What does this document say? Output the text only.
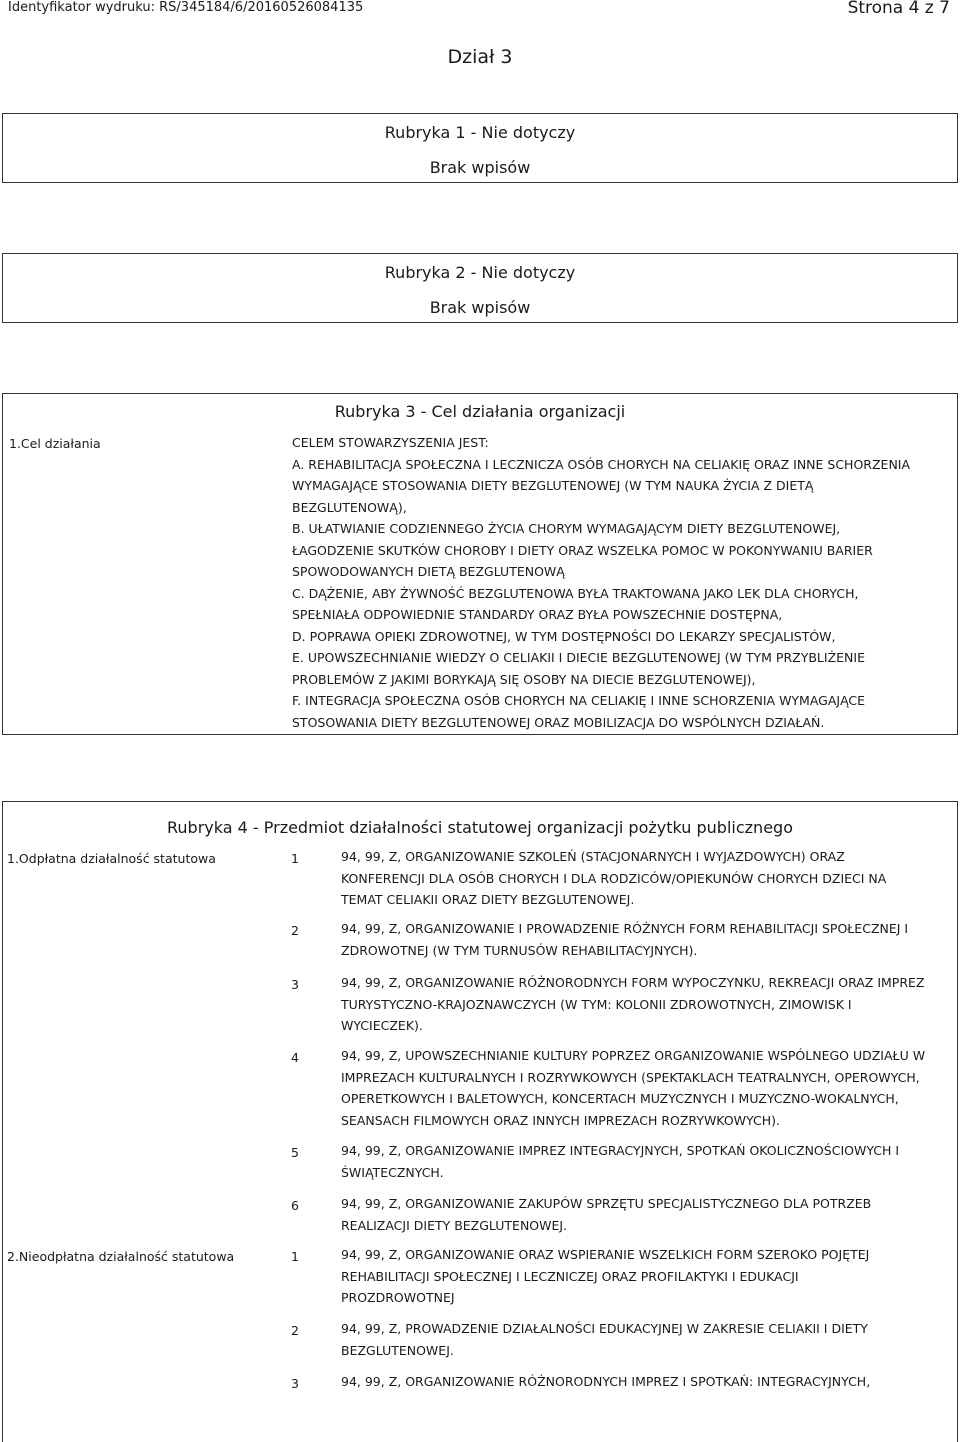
Identyfikator wydruku: RS/345184/6/20160526084135	Strona 4 z 7
Dział 3
Rubryka 1 - Nie dotyczy
Brak wpisów
Rubryka 2 - Nie dotyczy
Brak wpisów
Rubryka 3 - Cel działania organizacji
1.Cel działania	CELEM STOWARZYSZENIA JEST:
A. REHABILITACJA SPOŁECZNA I LECZNICZA OSÓB CHORYCH NA CELIAKIĘ ORAZ INNE SCHORZENIA
WYMAGAJĄCE STOSOWANIA DIETY BEZGLUTENOWEJ (W TYM NAUKA ŻYCIA Z DIETĄ
BEZGLUTENOWĄ),
B. UŁATWIANIE CODZIENNEGO ŻYCIA CHORYM WYMAGAJĄCYM DIETY BEZGLUTENOWEJ,
ŁAGODZENIE SKUTKÓW CHOROBY I DIETY ORAZ WSZELKA POMOC W POKONYWANIU BARIER
SPOWODOWANYCH DIETĄ BEZGLUTENOWĄ
C. DĄŻENIE, ABY ŻYWNOŚĆ BEZGLUTENOWA BYŁA TRAKTOWANA JAKO LEK DLA CHORYCH,
SPEŁNIAŁA ODPOWIEDNIE STANDARDY ORAZ BYŁA POWSZECHNIE DOSTĘPNA,
D. POPRAWA OPIEKI ZDROWOTNEJ, W TYM DOSTĘPNOŚCI DO LEKARZY SPECJALISTÓW,
E. UPOWSZECHNIANIE WIEDZY O CELIAKII I DIECIE BEZGLUTENOWEJ (W TYM PRZYBLIŻENIE
PROBLEMÓW Z JAKIMI BORYKAJĄ SIĘ OSOBY NA DIECIE BEZGLUTENOWEJ),
F. INTEGRACJA SPOŁECZNA OSÓB CHORYCH NA CELIAKIĘ I INNE SCHORZENIA WYMAGAJĄCE
STOSOWANIA DIETY BEZGLUTENOWEJ ORAZ MOBILIZACJA DO WSPÓLNYCH DZIAŁAŃ.
Rubryka 4 - Przedmiot działalności statutowej organizacji pożytku publicznego
1.Odpłatna działalność statutowa	1	94, 99, Z, ORGANIZOWANIE SZKOLEŃ (STACJONARNYCH I WYJAZDOWYCH) ORAZ
KONFERENCJI DLA OSÓB CHORYCH I DLA RODZICÓW/OPIEKUNÓW CHORYCH DZIECI NA
TEMAT CELIAKII ORAZ DIETY BEZGLUTENOWEJ.
2	94, 99, Z, ORGANIZOWANIE I PROWADZENIE RÓŻNYCH FORM REHABILITACJI SPOŁECZNEJ I
ZDROWOTNEJ (W TYM TURNUSÓW REHABILITACYJNYCH).
3	94, 99, Z, ORGANIZOWANIE RÓŻNORODNYCH FORM WYPOCZYNKU, REKREACJI ORAZ IMPREZ
TURYSTYCZNO-KRAJOZNAWCZYCH (W TYM: KOLONII ZDROWOTNYCH, ZIMOWISK I
WYCIECZEK).
4	94, 99, Z, UPOWSZECHNIANIE KULTURY POPRZEZ ORGANIZOWANIE WSPÓLNEGO UDZIAŁU W
IMPREZACH KULTURALNYCH I ROZRYWKOWYCH (SPEKTAKLACH TEATRALNYCH, OPEROWYCH,
OPERETKOWYCH I BALETOWYCH, KONCERTACH MUZYCZNYCH I MUZYCZNO-WOKALNYCH,
SEANSACH FILMOWYCH ORAZ INNYCH IMPREZACH ROZRYWKOWYCH).
5	94, 99, Z, ORGANIZOWANIE IMPREZ INTEGRACYJNYCH, SPOTKAŃ OKOLICZNOŚCIOWYCH I
ŚWIĄTECZNYCH.
6	94, 99, Z, ORGANIZOWANIE ZAKUPÓW SPRZĘTU SPECJALISTYCZNEGO DLA POTRZEB
REALIZACJI DIETY BEZGLUTENOWEJ.
2.Nieodpłatna działalność statutowa	1	94, 99, Z, ORGANIZOWANIE ORAZ WSPIERANIE WSZELKICH FORM SZEROKO POJĘTEJ
REHABILITACJI SPOŁECZNEJ I LECZNICZEJ ORAZ PROFILAKTYKI I EDUKACJI
PROZDROWOTNEJ
2	94, 99, Z, PROWADZENIE DZIAŁALNOŚCI EDUKACYJNEJ W ZAKRESIE CELIAKII I DIETY
BEZGLUTENOWEJ.
3	94, 99, Z, ORGANIZOWANIE RÓŻNORODNYCH IMPREZ I SPOTKAŃ: INTEGRACYJNYCH,
